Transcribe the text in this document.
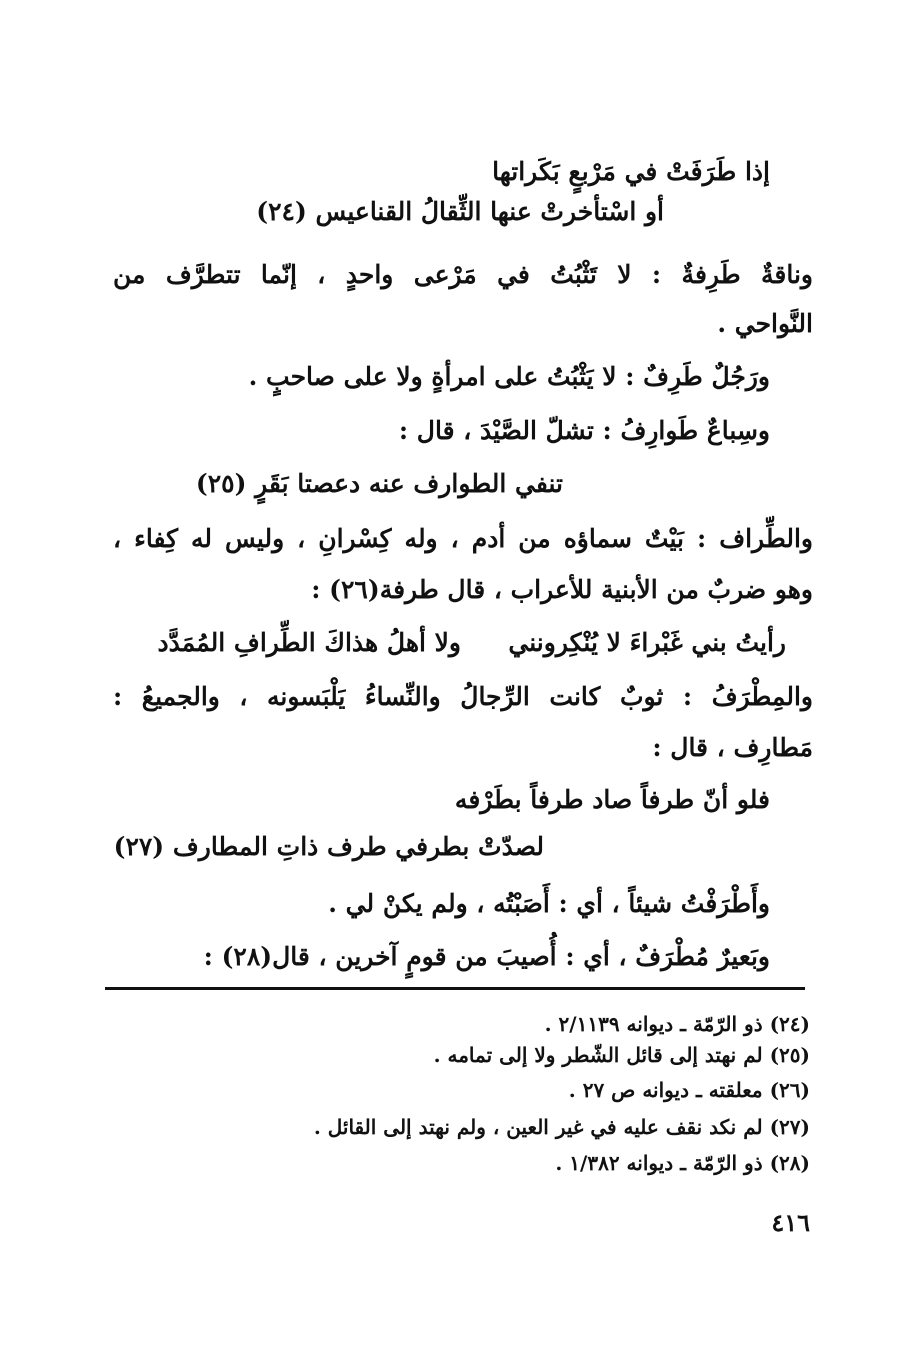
إذا طَرَفَتْ في مَرْبعٍ بَكَراتها
أو اسْتأخرتْ عنها الثِّقالُ القناعيس (٢٤)
وناقةٌ طَرِفةٌ : لا تَثْبُتُ في مَرْعى واحدٍ ، إنّما تتطرَّف من
النَّواحي .
ورَجُلٌ طَرِفٌ : لا يَثْبُتُ على امرأةٍ ولا على صاحبٍ .
وسِباعٌ طَوارِفُ : تشلّ الصَّيْدَ ، قال :
تنفي الطوارف عنه دعصتا بَقَرٍ (٢٥)
والطِّراف : بَيْتٌ سماؤه من أدم ، وله كِسْرانِ ، وليس له كِفاء ،
وهو ضربٌ من الأبنية للأعراب ، قال طرفة(٢٦) :
رأيتُ بني غَبْراءَ لا يُنْكِرونني
ولا أهلُ هذاكَ الطِّرافِ المُمَدَّد
والمِطْرَفُ : ثوبٌ كانت الرِّجالُ والنِّساءُ يَلْبَسونه ، والجميعُ :
مَطارِف ، قال :
فلو أنّ طرفاً صاد طرفاً بطَرْفه
لصدّتْ بطرفي طرف ذاتِ المطارف (٢٧)
وأَطْرَفْتُ شيئاً ، أي : أَصَبْتُه ، ولم يكنْ لي .
وبَعيرٌ مُطْرَفٌ ، أي : أُصيبَ من قومٍ آخرين ، قال(٢٨) :
(٢٤) ذو الرّمّة ـ ديوانه ٢/١١٣٩ .
(٢٥) لم نهتد إلى قائل الشّطر ولا إلى تمامه .
(٢٦) معلقته ـ ديوانه ص ٢٧ .
(٢٧) لم نكد نقف عليه في غير العين ، ولم نهتد إلى القائل .
(٢٨) ذو الرّمّة ـ ديوانه ١/٣٨٢ .
٤١٦
